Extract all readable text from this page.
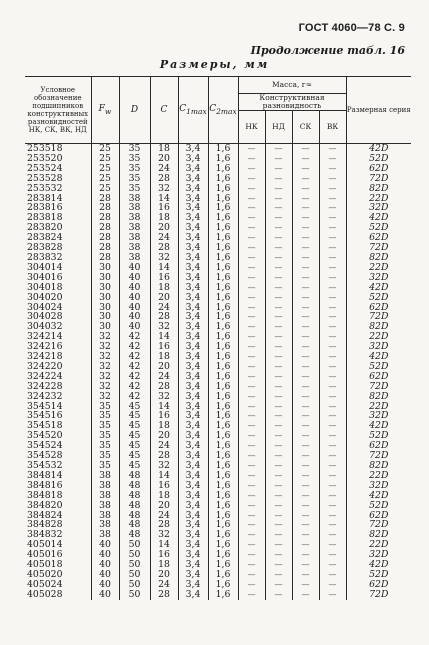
ГОСТ 4060—78 С. 9
Продолжение табл. 16
Размеры, мм
Условное обозначение подшипников конструктивных разновидностей НК, СК, ВК, НД	$F_w$	D	C	$C_{1max}$	$C_{2max}$	Масса, г≈				Размерная серия
						Конструктивная разновидность				
						НК	НД	СК	ВК	
253518	25	35	18	3,4	1,6	—	—	—	—	42D
253520	25	35	20	3,4	1,6	—	—	—	—	52D
253524	25	35	24	3,4	1,6	—	—	—	—	62D
253528	25	35	28	3,4	1,6	—	—	—	—	72D
253532	25	35	32	3,4	1,6	—	—	—	—	82D
283814	28	38	14	3,4	1,6	—	—	—	—	22D
283816	28	38	16	3,4	1,6	—	—	—	—	32D
283818	28	38	18	3,4	1,6	—	—	—	—	42D
283820	28	38	20	3,4	1,6	—	—	—	—	52D
283824	28	38	24	3,4	1,6	—	—	—	—	62D
283828	28	38	28	3,4	1,6	—	—	—	—	72D
283832	28	38	32	3,4	1,6	—	—	—	—	82D
304014	30	40	14	3,4	1,6	—	—	—	—	22D
304016	30	40	16	3,4	1,6	—	—	—	—	32D
304018	30	40	18	3,4	1,6	—	—	—	—	42D
304020	30	40	20	3,4	1,6	—	—	—	—	52D
304024	30	40	24	3,4	1,6	—	—	—	—	62D
304028	30	40	28	3,4	1,6	—	—	—	—	72D
304032	30	40	32	3,4	1,6	—	—	—	—	82D
324214	32	42	14	3,4	1,6	—	—	—	—	22D
324216	32	42	16	3,4	1,6	—	—	—	—	32D
324218	32	42	18	3,4	1,6	—	—	—	—	42D
324220	32	42	20	3,4	1,6	—	—	—	—	52D
324224	32	42	24	3,4	1,6	—	—	—	—	62D
324228	32	42	28	3,4	1,6	—	—	—	—	72D
324232	32	42	32	3,4	1,6	—	—	—	—	82D
354514	35	45	14	3,4	1,6	—	—	—	—	22D
354516	35	45	16	3,4	1,6	—	—	—	—	32D
354518	35	45	18	3,4	1,6	—	—	—	—	42D
354520	35	45	20	3,4	1,6	—	—	—	—	52D
354524	35	45	24	3,4	1,6	—	—	—	—	62D
354528	35	45	28	3,4	1,6	—	—	—	—	72D
354532	35	45	32	3,4	1,6	—	—	—	—	82D
384814	38	48	14	3,4	1,6	—	—	—	—	22D
384816	38	48	16	3,4	1,6	—	—	—	—	32D
384818	38	48	18	3,4	1,6	—	—	—	—	42D
384820	38	48	20	3,4	1,6	—	—	—	—	52D
384824	38	48	24	3,4	1,6	—	—	—	—	62D
384828	38	48	28	3,4	1,6	—	—	—	—	72D
384832	38	48	32	3,4	1,6	—	—	—	—	82D
405014	40	50	14	3,4	1,6	—	—	—	—	22D
405016	40	50	16	3,4	1,6	—	—	—	—	32D
405018	40	50	18	3,4	1,6	—	—	—	—	42D
405020	40	50	20	3,4	1,6	—	—	—	—	52D
405024	40	50	24	3,4	1,6	—	—	—	—	62D
405028	40	50	28	3,4	1,6	—	—	—	—	72D
